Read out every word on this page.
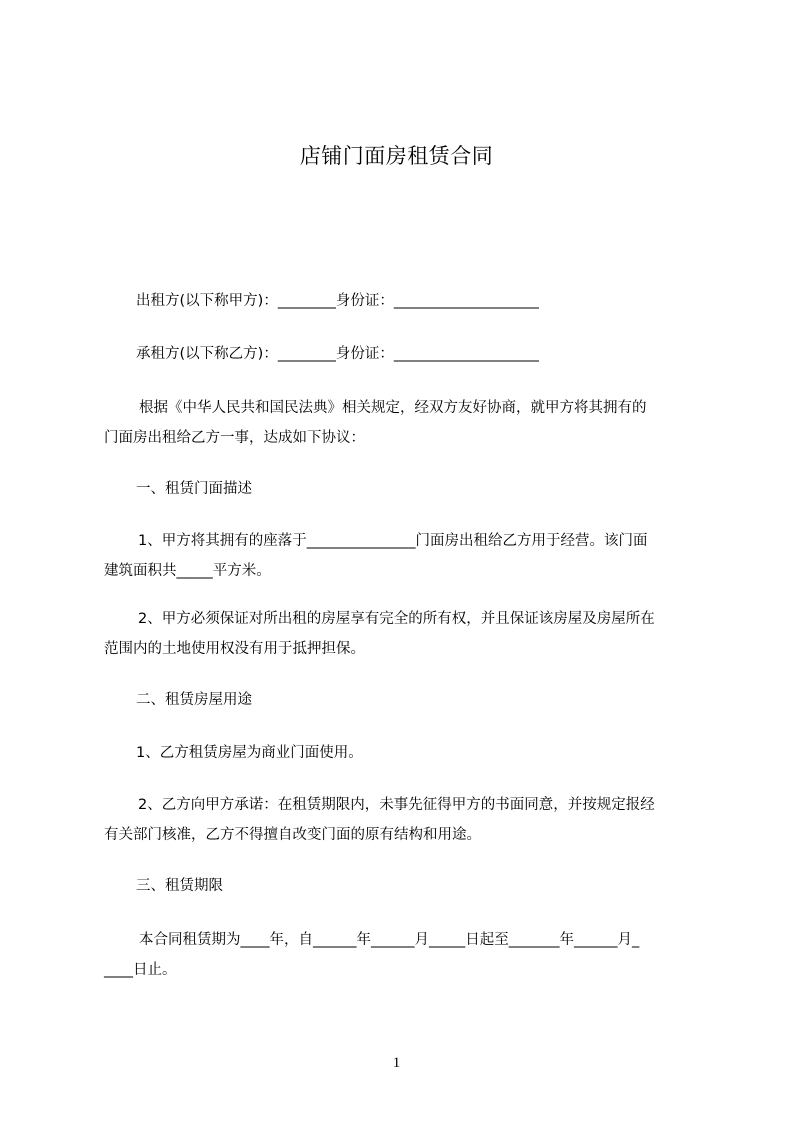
店铺门面房租赁合同
出租方(以下称甲方)：________身份证：____________________
承租方(以下称乙方)：________身份证：____________________
根据《中华人民共和国民法典》相关规定，经双方友好协商，就甲方将其拥有的
门面房出租给乙方一事，达成如下协议：
一、租赁门面描述
1、甲方将其拥有的座落于_______________门面房出租给乙方用于经营。该门面
建筑面积共_____平方米。
2、甲方必须保证对所出租的房屋享有完全的所有权，并且保证该房屋及房屋所在
范围内的土地使用权没有用于抵押担保。
二、租赁房屋用途
1、乙方租赁房屋为商业门面使用。
2、乙方向甲方承诺：在租赁期限内，未事先征得甲方的书面同意，并按规定报经
有关部门核准，乙方不得擅自改变门面的原有结构和用途。
三、租赁期限
本合同租赁期为____年，自______年______月_____日起至_______年______月_
____日止。
1
